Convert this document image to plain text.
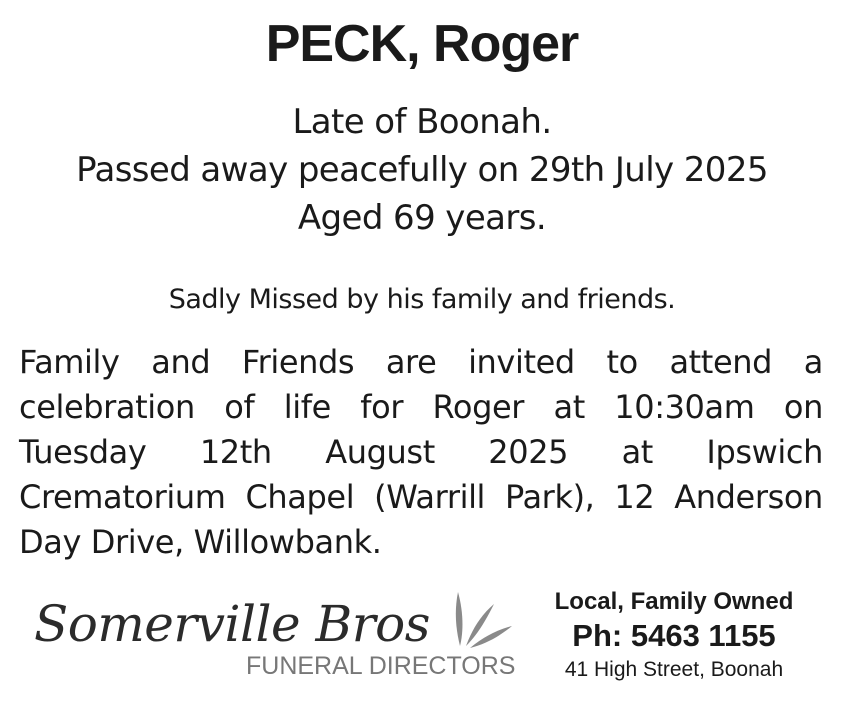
PECK, Roger
Late of Boonah.
Passed away peacefully on 29th July 2025
Aged 69 years.
Sadly Missed by his family and friends.
Family and Friends are invited to attend a
celebration of life for Roger at 10:30am on
Tuesday 12th August 2025 at Ipswich
Crematorium Chapel (Warrill Park), 12 Anderson
Day Drive, Willowbank.
Somerville Bros
FUNERAL DIRECTORS
Local, Family Owned
Ph: 5463 1155
41 High Street, Boonah
